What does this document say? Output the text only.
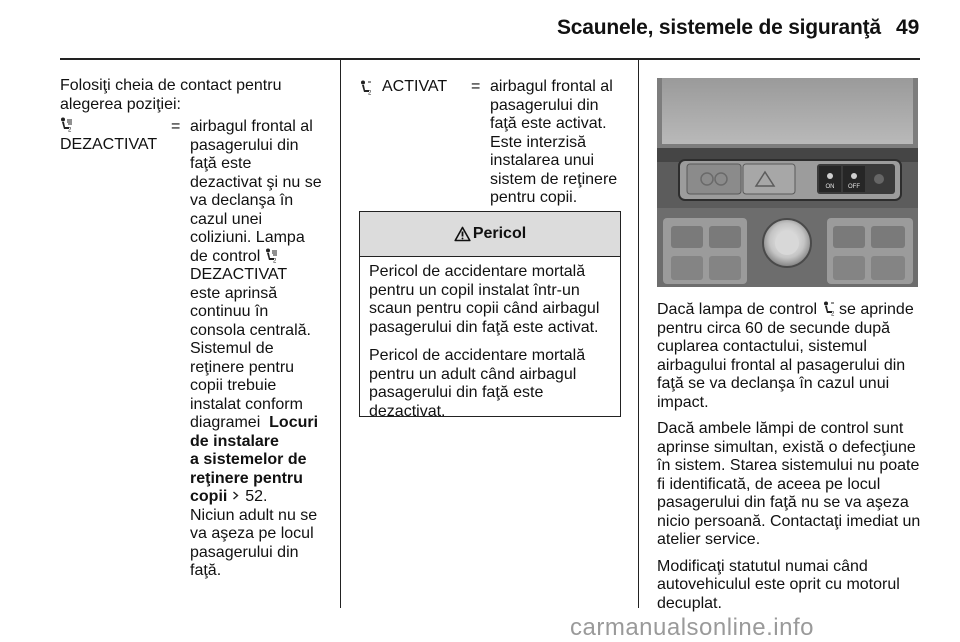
Scaunele, sistemele de siguranţă 49
Folosiţi cheia de contact pentru alegerea poziţiei:
2
DEZACTIVAT
= airbagul frontal al
pasagerului din
faţă este
dezactivat şi nu se
va declanşa în
cazul unei
coliziuni. Lampa
de control 2
DEZACTIVAT
este aprinsă
continuu în
consola centrală.
Sistemul de
reţinere pentru
copii trebuie
instalat conform
diagramei Locuri
de instalare
a sistemelor de
reţinere pentru
copii 52.
Niciun adult nu se
va aşeza pe locul
pasagerului din
faţă.
2 ACTIVAT = airbagul frontal al
pasagerului din
faţă este activat.
Este interzisă
instalarea unui
sistem de reţinere
pentru copii.
Pericol

Pericol de accidentare mortală pentru un copil instalat într-un scaun pentru copii când airbagul pasagerului din faţă este activat.

Pericol de accidentare mortală pentru un adult când airbagul pasagerului din faţă este dezactivat.

ON OFF

Dacă lampa de control 2 se aprinde pentru circa 60 de secunde după cuplarea contactului, sistemul airbagului frontal al pasagerului din faţă se va declanşa în cazul unui impact.

Dacă ambele lămpi de control sunt aprinse simultan, există o defecţiune în sistem. Starea sistemului nu poate fi identificată, de aceea pe locul pasagerului din faţă nu se va aşeza nicio persoană. Contactaţi imediat un atelier service.

Modificaţi statutul numai când autovehiculul este oprit cu motorul decuplat.

carmanualsonline.info
